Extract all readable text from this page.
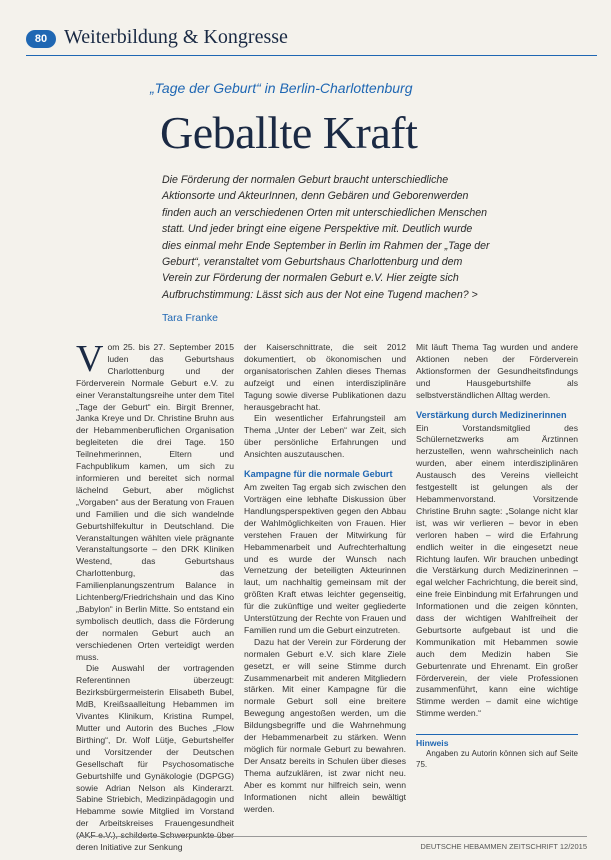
80 Weiterbildung & Kongresse
„Tage der Geburt“ in Berlin-Charlottenburg
Geballte Kraft
Die Förderung der normalen Geburt braucht unterschiedliche Aktionsorte und AkteurInnen, denn Gebären und Geborenwerden finden auch an verschiedenen Orten mit unterschiedlichen Menschen statt. Und jeder bringt eine eigene Perspektive mit. Deutlich wurde dies einmal mehr Ende September in Berlin im Rahmen der „Tage der Geburt“, veranstaltet vom Geburtshaus Charlottenburg und dem Verein zur Förderung der normalen Geburt e.V. Hier zeigte sich Aufbruchstimmung: Lässt sich aus der Not eine Tugend machen? >
Tara Franke

Vom 25. bis 27. September 2015 luden das Geburtshaus Charlottenburg und der Förderverein Normale Geburt e.V. zu einer Veranstaltungsreihe unter dem Titel „Tage der Geburt“ ein. Birgit Brenner, Janka Kreye und Dr. Christine Bruhn aus der Hebammenberuflichen Organisation begleiteten die drei Tage. 150 Teilnehmerinnen, Eltern und Fachpublikum kamen, um sich zu informieren und bereitet sich normal lächelnd Geburt, aber möglichst „Vorgaben“ aus der Beratung von Frauen und Familien und die sich wandelnde Geburtshilfekultur in Deutschland. Die Veranstaltungen wählten viele prägnante Veranstaltungsorte – den DRK Kliniken Westend, das Geburtshaus Charlottenburg, das Familienplanungszentrum Balance in Lichtenberg/Friedrichshain und das Kino „Babylon“ in Berlin Mitte. So entstand ein symbolisch deutlich, dass die Förderung der normalen Geburt auch an verschiedenen Orten verteidigt werden muss.

Die Auswahl der vortragenden Referentinnen überzeugt: Bezirksbürgermeisterin Elisabeth Bubel, MdB, Kreißsaalleitung Hebammen im Vivantes Klinikum, Kristina Rumpel, Mutter und Autorin des Buches „Flow Birthing“, Dr. Wolf Lütje, Geburtshelfer und Vorsitzender der Deutschen Gesellschaft für Psychosomatische Geburtshilfe und Gynäkologie (DGPGG) sowie Adrian Nelson als Kinderarzt. Sabine Striebich, Medizinpädagogin und Hebamme sowie Mitglied im Vorstand der Arbeitskreises Frauengesundheit (AKF e.V.), schilderte Schwerpunkte über deren Initiative zur Senkung

der Kaiserschnittrate, die seit 2012 dokumentiert, ob ökonomischen und organisatorischen Zahlen dieses Themas aufzeigt und einen interdisziplinäre Tagung sowie diverse Publikationen dazu herausgebracht hat.

Ein wesentlicher Erfahrungsteil am Thema „Unter der Leben“ war Zeit, sich über persönliche Erfahrungen und Ansichten auszutauschen.

Kampagne für die normale Geburt

Am zweiten Tag ergab sich zwischen den Vorträgen eine lebhafte Diskussion über Handlungsperspektiven gegen den Abbau der Wahlmöglichkeiten von Frauen. Hier verstehen Frauen der Mitwirkung für Hebammenarbeit und Aufrechterhaltung und es wurde der Wunsch nach Vernetzung der beteiligten Akteurinnen laut, um nachhaltig gemeinsam mit der größten Kraft etwas leichter gegenseitig, für die zukünftige und weiter gegliederte Unterstützung der Rechte von Frauen und Familien rund um die Geburt einzutreten.

Dazu hat der Verein zur Förderung der normalen Geburt e.V. sich klare Ziele gesetzt, er will seine Stimme durch Zusammenarbeit mit anderen Mitgliedern stärken. Mit einer Kampagne für die normale Geburt soll eine breitere Bewegung angestoßen werden, um die Bildungsbegriffe und die Wahrnehmung der Hebammenarbeit zu stärken. Wenn möglich für normale Geburt zu bewahren. Der Ansatz bereits in Schulen über dieses Thema aufzuklären, ist zwar nicht neu. Aber es kommt nur hilfreich sein, wenn Informationen nicht allein bewältigt werden.

Mit läuft Thema Tag wurden und andere Aktionen neben der Förderverein Aktionsformen der Gesundheitsfindungs und Hausgeburtshilfe als selbstverständlichen Alltag werden.

Verstärkung durch Medizinerinnen

Ein Vorstandsmitglied des Schülernetzwerks am Ärztinnen herzustellen, wenn wahrscheinlich nach wurden, aber einem interdisziplinären Austausch des Vereins vielleicht festgestellt ist gelungen als der Hebammenvorstand. Vorsitzende Christine Bruhn sagte: „Solange nicht klar ist, was wir verlieren – bevor in eben verloren haben – wird die Erfahrung endlich weiter in die eingesetzt neue Richtung laufen. Wir brauchen unbedingt die Verstärkung durch Medizinerinnen – egal welcher Fachrichtung, die bereit sind, eine freie Einbindung mit Erfahrungen und Informationen und die zeigen könnten, dass der wichtigen Wahlfreiheit der Geburtsorte aufgebaut ist und die Kommunikation mit Hebammen sowie auch dem Medizin haben Sie Geburtenrate und Ehrenamt. Ein großer Förderverein, der viele Professionen zusammenführt, kann eine wichtige Stimme werden – damit eine wichtige Stimme werden.“

Hinweis

Angaben zu Autorin können sich auf Seite 75.

DEUTSCHE HEBAMMEN ZEITSCHRIFT 12/2015
